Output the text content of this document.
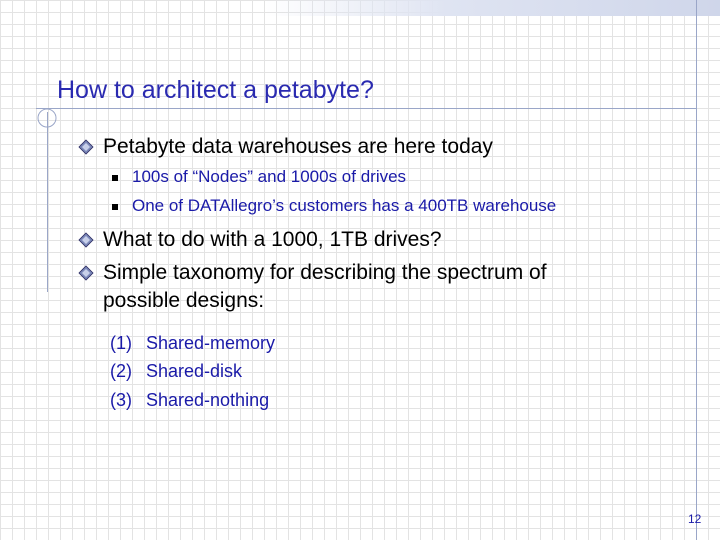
How to architect a petabyte?
Petabyte data warehouses are here today
100s of “Nodes” and 1000s of drives
One of DATAllegro’s customers has a 400TB warehouse
What to do with a 1000, 1TB drives?
Simple taxonomy for describing the spectrum of
possible designs:
(1) Shared-memory
(2) Shared-disk
(3) Shared-nothing
12
